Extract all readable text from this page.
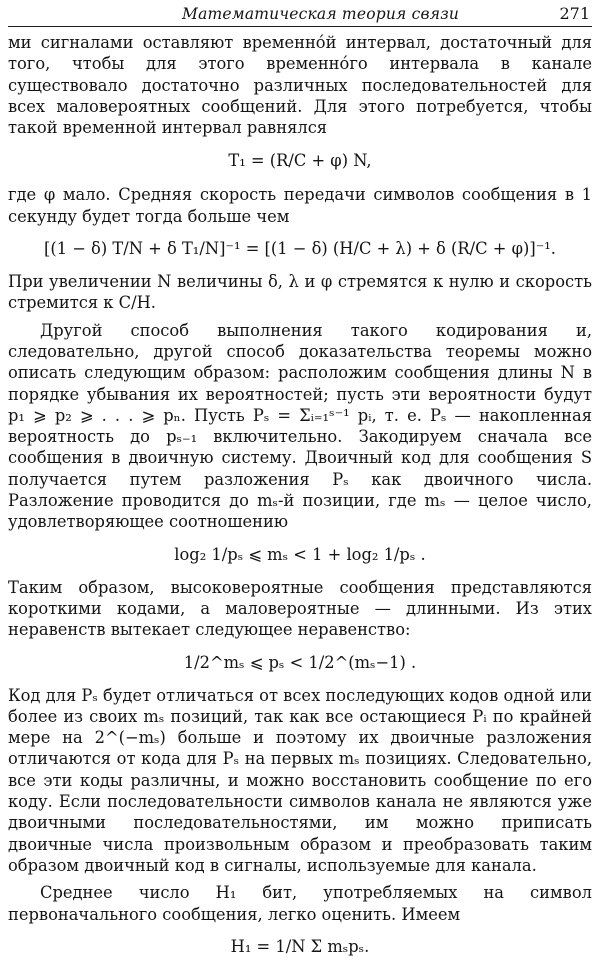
Математическая теория связи	271

ми сигналами оставляют временно́й интервал, достаточный для того, чтобы для этого временно́го интервала в канале существовало достаточно различных последовательностей для всех маловероятных сообщений. Для этого потребуется, чтобы такой временной интервал равнялся

T₁ = (R/C + φ) N,

где φ мало. Средняя скорость передачи символов сообщения в 1 секунду будет тогда больше чем

[(1 − δ) T/N + δ T₁/N]⁻¹ = [(1 − δ) (H/C + λ) + δ (R/C + φ)]⁻¹.

При увеличении N величины δ, λ и φ стремятся к нулю и скорость стремится к C/H.

Другой способ выполнения такого кодирования и, следовательно, другой способ доказательства теоремы можно описать следующим образом: расположим сообщения длины N в порядке убывания их вероятностей; пусть эти вероятности будут p₁ ⩾ p₂ ⩾ . . . ⩾ pₙ. Пусть Pₛ = Σᵢ₌₁ˢ⁻¹ pᵢ, т. е. Pₛ — накопленная вероятность до pₛ₋₁ включительно. Закодируем сначала все сообщения в двоичную систему. Двоичный код для сообщения S получается путем разложения Pₛ как двоичного числа. Разложение проводится до mₛ-й позиции, где mₛ — целое число, удовлетворяющее соотношению

log₂ 1/pₛ ⩽ mₛ < 1 + log₂ 1/pₛ .

Таким образом, высоковероятные сообщения представляются короткими кодами, а маловероятные — длинными. Из этих неравенств вытекает следующее неравенство:

1/2^mₛ ⩽ pₛ < 1/2^(mₛ−1) .

Код для Pₛ будет отличаться от всех последующих кодов одной или более из своих mₛ позиций, так как все остающиеся Pᵢ по крайней мере на 2^(−mₛ) больше и поэтому их двоичные разложения отличаются от кода для Pₛ на первых mₛ позициях. Следовательно, все эти коды различны, и можно восстановить сообщение по его коду. Если последовательности символов канала не являются уже двоичными последовательностями, им можно приписать двоичные числа произвольным образом и преобразовать таким образом двоичный код в сигналы, используемые для канала.

Среднее число H₁ бит, употребляемых на символ первоначального сообщения, легко оценить. Имеем

H₁ = 1/N Σ mₛpₛ.
